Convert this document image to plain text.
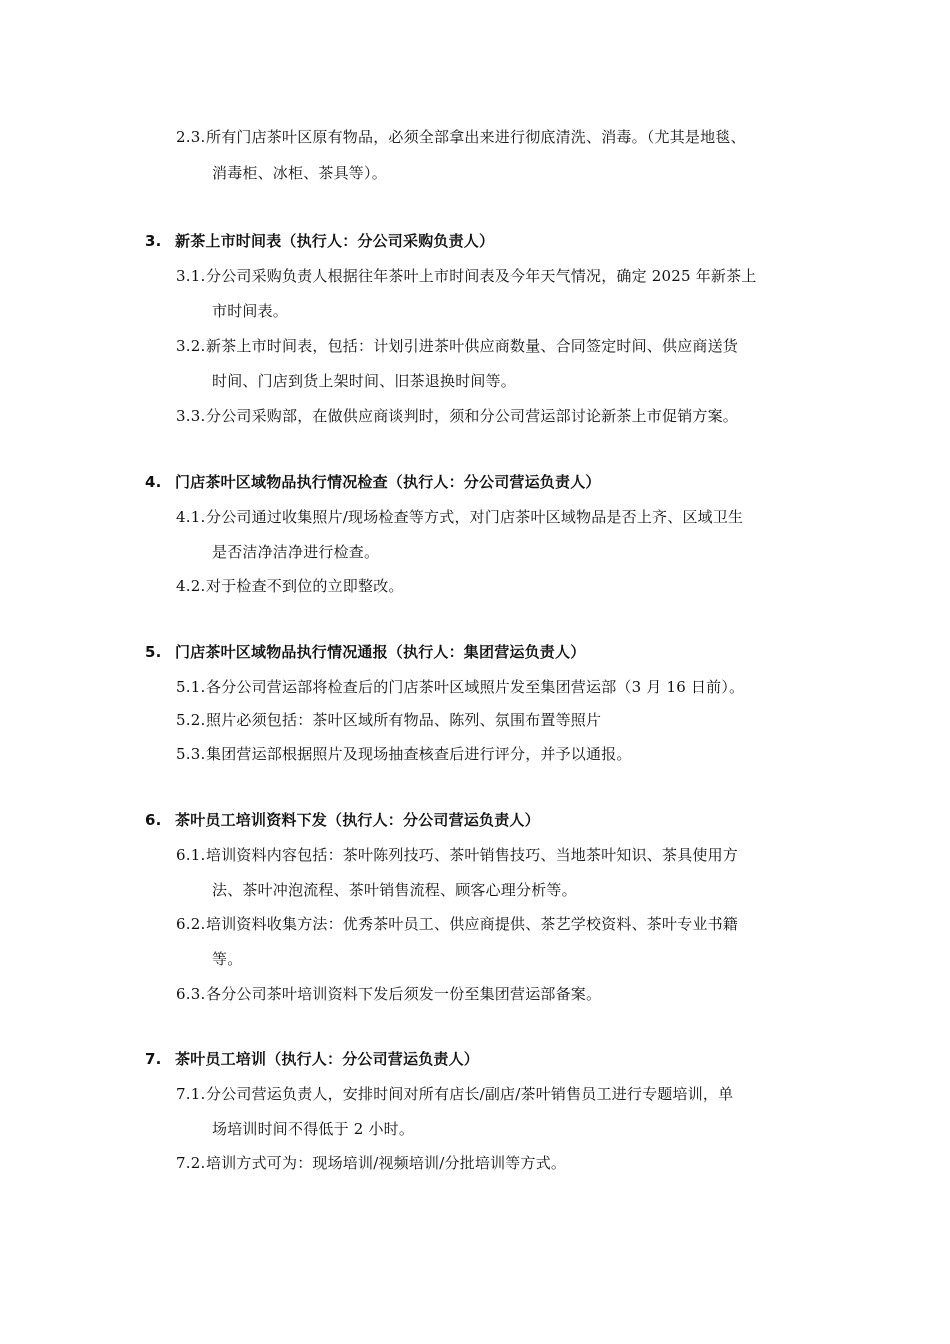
2.3.所有门店茶叶区原有物品，必须全部拿出来进行彻底清洗、消毒。（尤其是地毯、
消毒柜、冰柜、茶具等）。
3. 新茶上市时间表（执行人：分公司采购负责人）
3.1.分公司采购负责人根据往年茶叶上市时间表及今年天气情况，确定 2025 年新茶上
市时间表。
3.2.新茶上市时间表，包括：计划引进茶叶供应商数量、合同签定时间、供应商送货
时间、门店到货上架时间、旧茶退换时间等。
3.3.分公司采购部，在做供应商谈判时，须和分公司营运部讨论新茶上市促销方案。
4. 门店茶叶区域物品执行情况检查（执行人：分公司营运负责人）
4.1.分公司通过收集照片/现场检查等方式，对门店茶叶区域物品是否上齐、区域卫生
是否洁净洁净进行检查。
4.2.对于检查不到位的立即整改。
5. 门店茶叶区域物品执行情况通报（执行人：集团营运负责人）
5.1.各分公司营运部将检查后的门店茶叶区域照片发至集团营运部（3 月 16 日前）。
5.2.照片必须包括：茶叶区域所有物品、陈列、氛围布置等照片
5.3.集团营运部根据照片及现场抽查核查后进行评分，并予以通报。
6. 茶叶员工培训资料下发（执行人：分公司营运负责人）
6.1.培训资料内容包括：茶叶陈列技巧、茶叶销售技巧、当地茶叶知识、茶具使用方
法、茶叶冲泡流程、茶叶销售流程、顾客心理分析等。
6.2.培训资料收集方法：优秀茶叶员工、供应商提供、茶艺学校资料、茶叶专业书籍
等。
6.3.各分公司茶叶培训资料下发后须发一份至集团营运部备案。
7. 茶叶员工培训（执行人：分公司营运负责人）
7.1.分公司营运负责人，安排时间对所有店长/副店/茶叶销售员工进行专题培训，单
场培训时间不得低于 2 小时。
7.2.培训方式可为：现场培训/视频培训/分批培训等方式。
